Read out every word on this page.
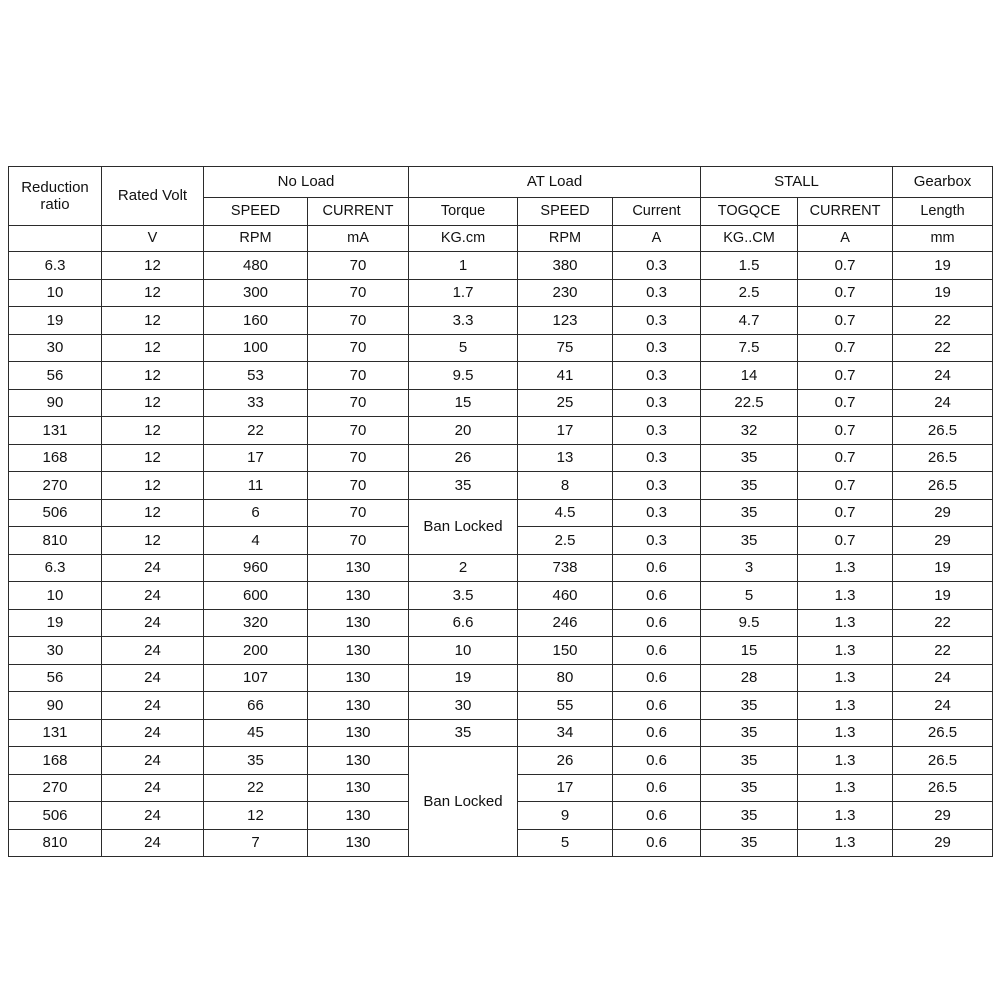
Reduction ratio	Rated Volt	No Load		AT Load			STALL		Gearbox
		SPEED	CURRENT	Torque	SPEED	Current	TOGQCE	CURRENT	Length
	V	RPM	mA	KG.cm	RPM	A	KG..CM	A	mm
6.3	12	480	70	1	380	0.3	1.5	0.7	19
10	12	300	70	1.7	230	0.3	2.5	0.7	19
19	12	160	70	3.3	123	0.3	4.7	0.7	22
30	12	100	70	5	75	0.3	7.5	0.7	22
56	12	53	70	9.5	41	0.3	14	0.7	24
90	12	33	70	15	25	0.3	22.5	0.7	24
131	12	22	70	20	17	0.3	32	0.7	26.5
168	12	17	70	26	13	0.3	35	0.7	26.5
270	12	11	70	35	8	0.3	35	0.7	26.5
506	12	6	70	Ban Locked	4.5	0.3	35	0.7	29
810	12	4	70		2.5	0.3	35	0.7	29
6.3	24	960	130	2	738	0.6	3	1.3	19
10	24	600	130	3.5	460	0.6	5	1.3	19
19	24	320	130	6.6	246	0.6	9.5	1.3	22
30	24	200	130	10	150	0.6	15	1.3	22
56	24	107	130	19	80	0.6	28	1.3	24
90	24	66	130	30	55	0.6	35	1.3	24
131	24	45	130	35	34	0.6	35	1.3	26.5
168	24	35	130	Ban Locked	26	0.6	35	1.3	26.5
270	24	22	130		17	0.6	35	1.3	26.5
506	24	12	130		9	0.6	35	1.3	29
810	24	7	130		5	0.6	35	1.3	29
